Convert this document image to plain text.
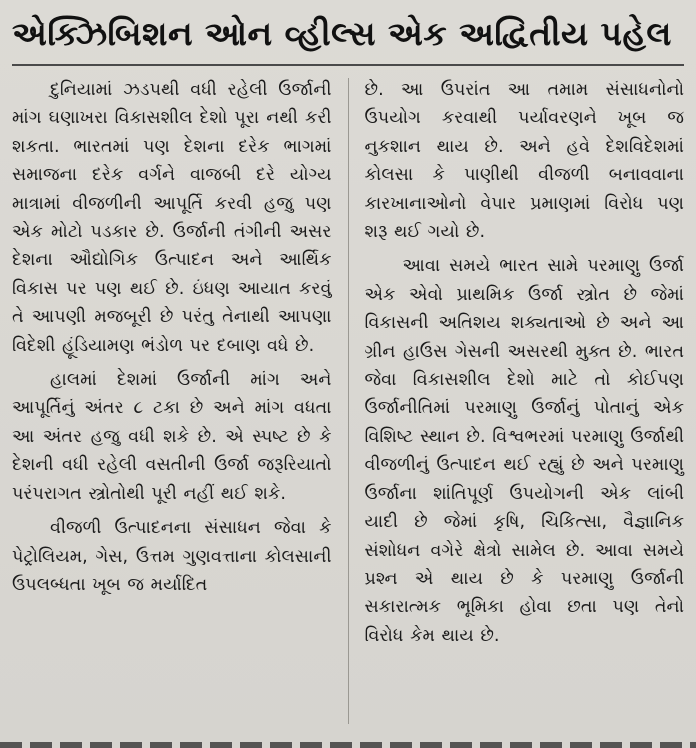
એક્ઝિબિશન ઓન વ્હીલ્સ એક અદ્વિતીય પહેલ

દુનિયામાં ઝડપથી વધી રહેલી ઉર્જાની માંગ ઘણાખરા વિકાસશીલ દેશો પૂરા નથી કરી શકતા. ભારતમાં પણ દેશના દરેક ભાગમાં સમાજના દરેક વર્ગને વાજબી દરે યોગ્ય માત્રામાં વીજળીની આપૂર્તિ કરવી હજુ પણ એક મોટો પડકાર છે. ઉર્જાની તંગીની અસર દેશના ઔદ્યોગિક ઉત્પાદન અને આર્થિક વિકાસ પર પણ થઈ છે. ઇંધણ આયાત કરવું તે આપણી મજબૂરી છે પરંતુ તેનાથી આપણા વિદેશી હૂંડિયામણ ભંડોળ પર દબાણ વધે છે.

હાલમાં દેશમાં ઉર્જાની માંગ અને આપૂર્તિનું અંતર ૮ ટકા છે અને માંગ વધતા આ અંતર હજુ વધી શકે છે. એ સ્પષ્ટ છે કે દેશની વધી રહેલી વસતીની ઉર્જા જરૂરિયાતો પરંપરાગત સ્ત્રોતોથી પૂરી નહીં થઈ શકે.

વીજળી ઉત્પાદનના સંસાધન જેવા કે પેટ્રોલિયમ, ગેસ, ઉત્તમ ગુણવત્તાના કોલસાની ઉપલબ્ધતા ખૂબ જ મર્યાદિત

છે. આ ઉપરાંત આ તમામ સંસાધનોનો ઉપયોગ કરવાથી પર્યાવરણને ખૂબ જ નુકશાન થાય છે. અને હવે દેશવિદેશમાં કોલસા કે પાણીથી વીજળી બનાવવાના કારખાનાઓનો વેપાર પ્રમાણમાં વિરોધ પણ શરૂ થઈ ગયો છે.

આવા સમયે ભારત સામે પરમાણુ ઉર્જા એક એવો પ્રાથમિક ઉર્જા સ્ત્રોત છે જેમાં વિકાસની અતિશય શક્યતાઓ છે અને આ ગ્રીન હાઉસ ગેસની અસરથી મુક્ત છે. ભારત જેવા વિકાસશીલ દેશો માટે તો કોઈપણ ઉર્જાનીતિમાં પરમાણુ ઉર્જાનું પોતાનું એક વિશિષ્ટ સ્થાન છે. વિશ્વભરમાં પરમાણુ ઉર્જાથી વીજળીનું ઉત્પાદન થઈ રહ્યું છે અને પરમાણુ ઉર્જાના શાંતિપૂર્ણ ઉપયોગની એક લાંબી યાદી છે જેમાં કૃષિ, ચિકિત્સા, વૈજ્ઞાનિક સંશોધન વગેરે ક્ષેત્રો સામેલ છે. આવા સમયે પ્રશ્ન એ થાય છે કે પરમાણુ ઉર્જાની સકારાત્મક ભૂમિકા હોવા છતા પણ તેનો વિરોધ કેમ થાય છે.
